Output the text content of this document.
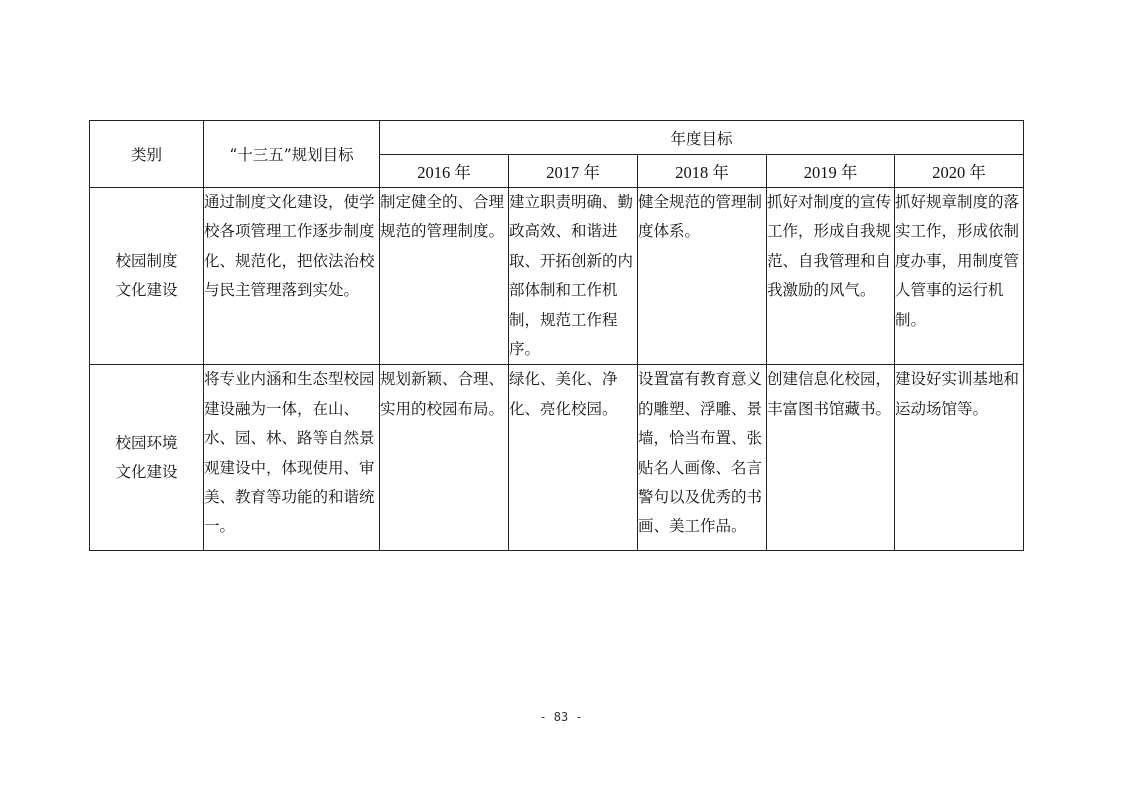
类别	“十三五”规划目标	年度目标				
		2016 年	2017 年	2018 年	2019 年	2020 年

校园制度
文化建设	通过制度文化建设，使学校各项管理工作逐步制度化、规范化，把依法治校与民主管理落到实处。	制定健全的、合理规范的管理制度。	建立职责明确、勤政高效、和谐进取、开拓创新的内部体制和工作机制，规范工作程序。	健全规范的管理制度体系。	抓好对制度的宣传工作，形成自我规范、自我管理和自我激励的风气。	抓好规章制度的落实工作，形成依制度办事，用制度管人管事的运行机制。

校园环境
文化建设	将专业内涵和生态型校园建设融为一体，在山、水、园、林、路等自然景观建设中，体现使用、审美、教育等功能的和谐统一。	规划新颖、合理、实用的校园布局。	绿化、美化、净化、亮化校园。	设置富有教育意义的雕塑、浮雕、景墙，恰当布置、张贴名人画像、名言警句以及优秀的书画、美工作品。	创建信息化校园，丰富图书馆藏书。	建设好实训基地和运动场馆等。
- 83 -
